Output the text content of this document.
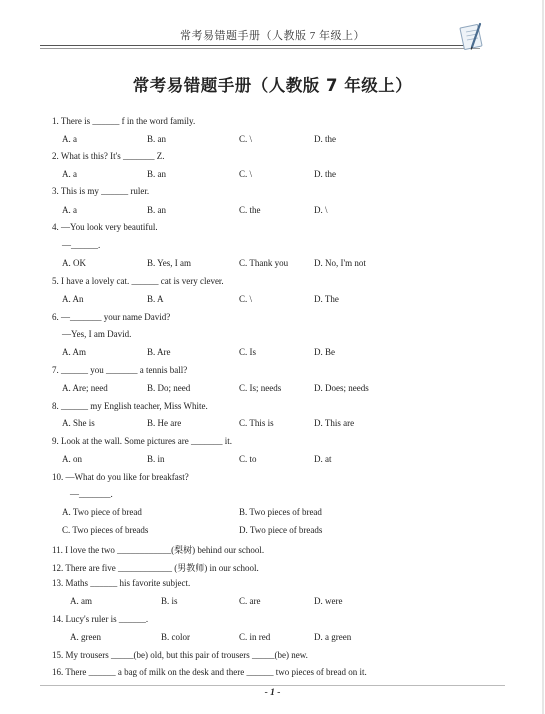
常考易错题手册（人教版 7 年级上）
常考易错题手册（人教版 7 年级上）
1. There is ______ f in the word family.
A. a	B. an	C. \	D. the
2. What is this? It's _______ Z.
A. a	B. an	C. \	D. the
3. This is my ______ ruler.
A. a	B. an	C. the	D. \
4. —You look very beautiful.
—______.
A. OK	B. Yes, I am	C. Thank you	D. No, I'm not
5. I have a lovely cat. ______ cat is very clever.
A. An	B. A	C. \	D. The
6. —_______ your name David?
—Yes, I am David.
A. Am	B. Are	C. Is	D. Be
7. ______ you _______ a tennis ball?
A. Are; need	B. Do; need	C. Is; needs	D. Does; needs
8. ______ my English teacher, Miss White.
A. She is	B. He are	C. This is	D. This are
9. Look at the wall. Some pictures are _______ it.
A. on	B. in	C. to	D. at
10. —What do you like for breakfast?
—_______.
A. Two piece of bread	B. Two pieces of bread
C. Two pieces of breads	D. Two piece of breads
11. I love the two ____________(梨树) behind our school.
12. There are five ____________ (男教师) in our school.
13. Maths ______ his favorite subject.
A. am	B. is	C. are	D. were
14. Lucy's ruler is ______.
A. green	B. color	C. in red	D. a green
15. My trousers _____(be) old, but this pair of trousers _____(be) new.
16. There ______ a bag of milk on the desk and there ______ two pieces of bread on it.
- 1 -
